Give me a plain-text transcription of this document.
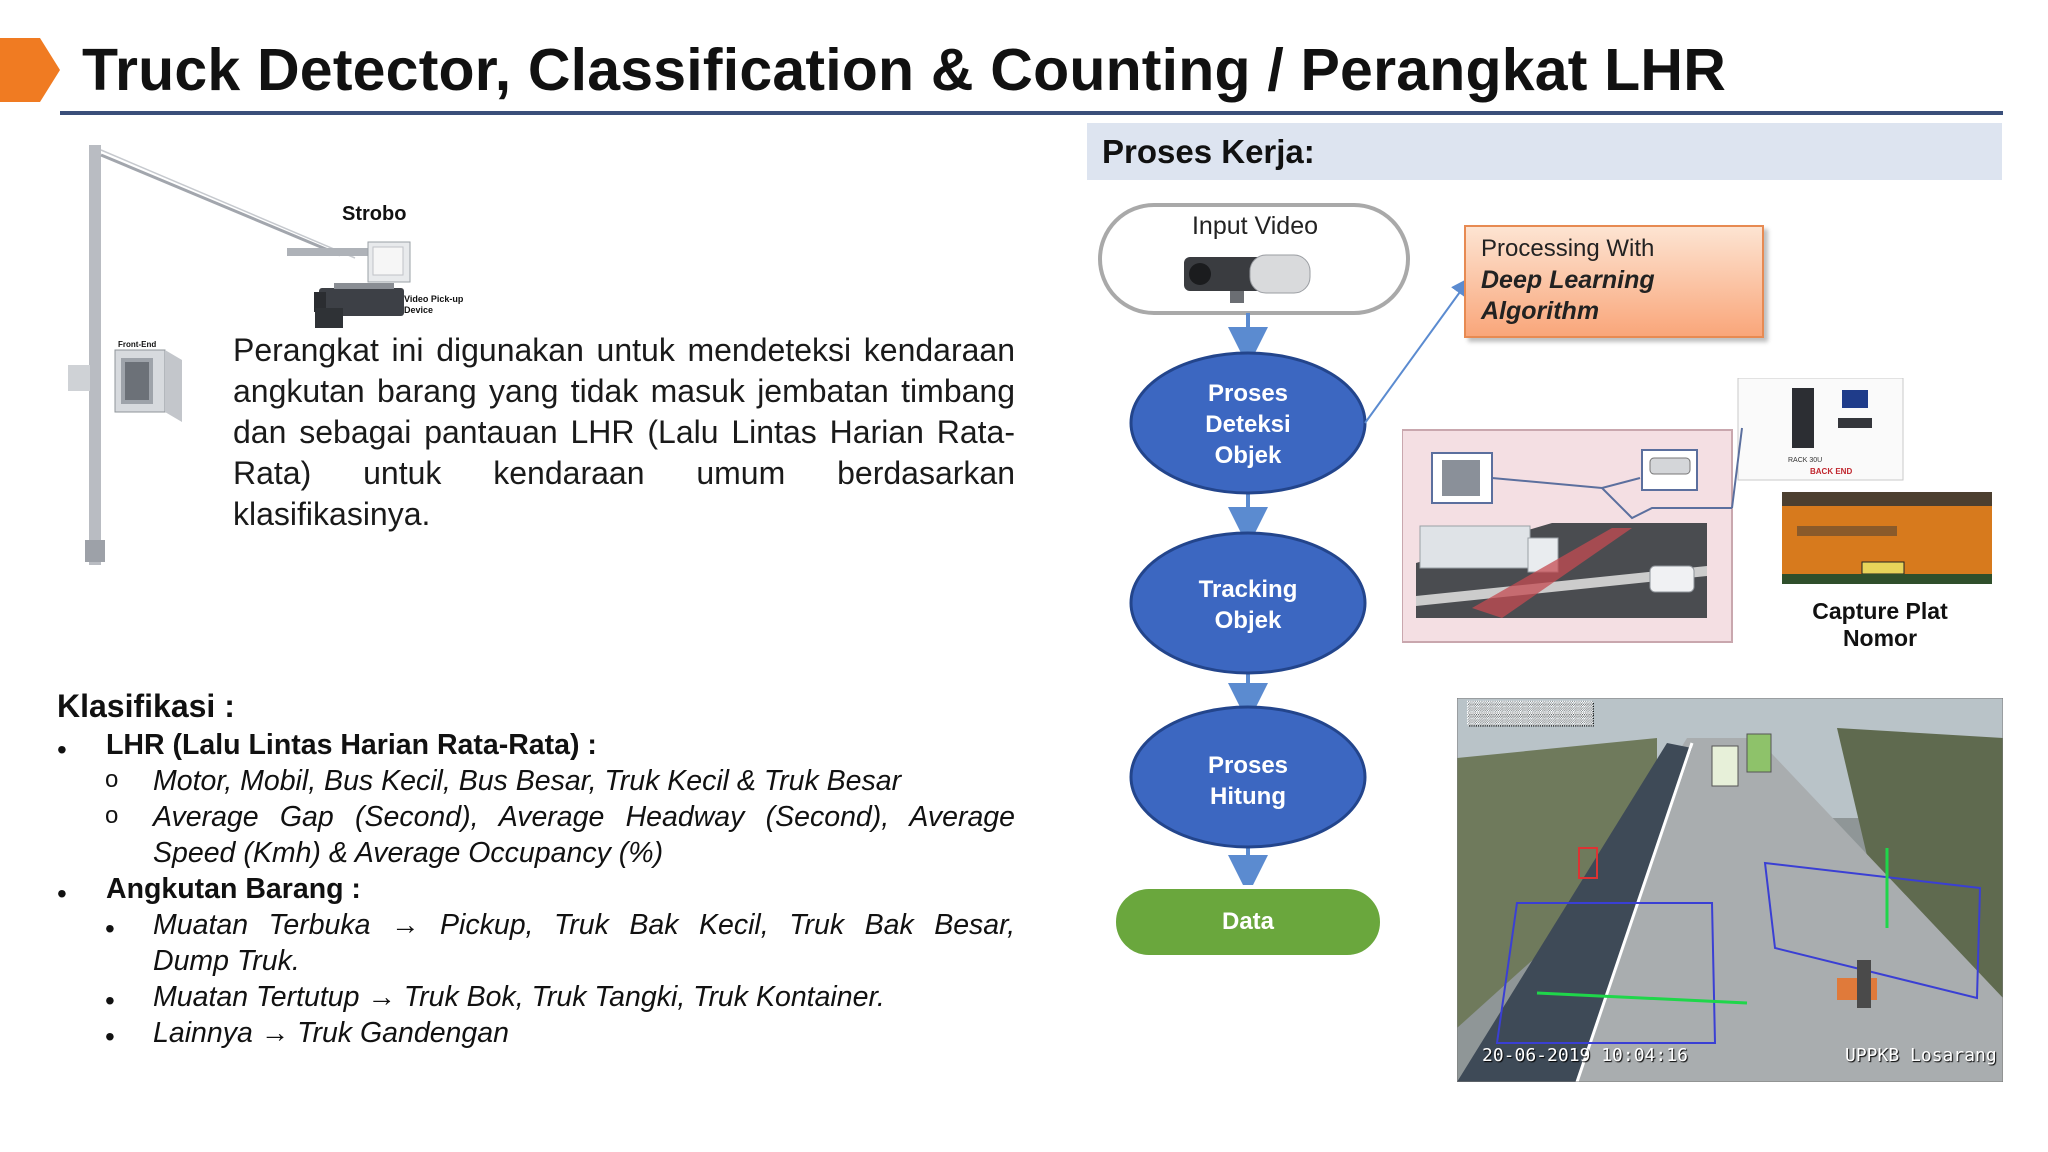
Truck Detector, Classification & Counting / Perangkat LHR
Strobo
Video Pick-up Device
Front-End Perangkat ini digunakan untuk mendeteksi kendaraan angkutan barang yang tidak masuk jembatan timbang dan sebagai pantauan LHR (Lalu Lintas Harian Rata-Rata) untuk kendaraan umum berdasarkan klasifikasinya.
Klasifikasi :
• LHR (Lalu Lintas Harian Rata-Rata) :
o Motor, Mobil, Bus Kecil, Bus Besar, Truk Kecil & Truk Besar
o Average Gap (Second), Average Headway (Second), Average
Speed (Kmh) & Average Occupancy (%)
• Angkutan Barang :
• Muatan Terbuka → Pickup, Truk Bak Kecil, Truk Bak Besar,
Dump Truk.
• Muatan Tertutup → Truk Bok, Truk Tangki, Truk Kontainer.
• Lainnya → Truk Gandengan
Proses Kerja:
Input Video
Proses
Deteksi
Objek
Tracking
Objek
Proses
Hitung
Data
Processing With
Deep Learning
Algorithm
RACK 30U
BACK END
Capture Plat
Nomor
▒▒▒▒▒▒▒▒▒▒▒▒▒▒▒▒▒▒▒
▒▒▒▒▒▒▒▒▒▒▒▒▒▒▒▒▒▒▒
20-06-2019 10:04:16	UPPKB Losarang
